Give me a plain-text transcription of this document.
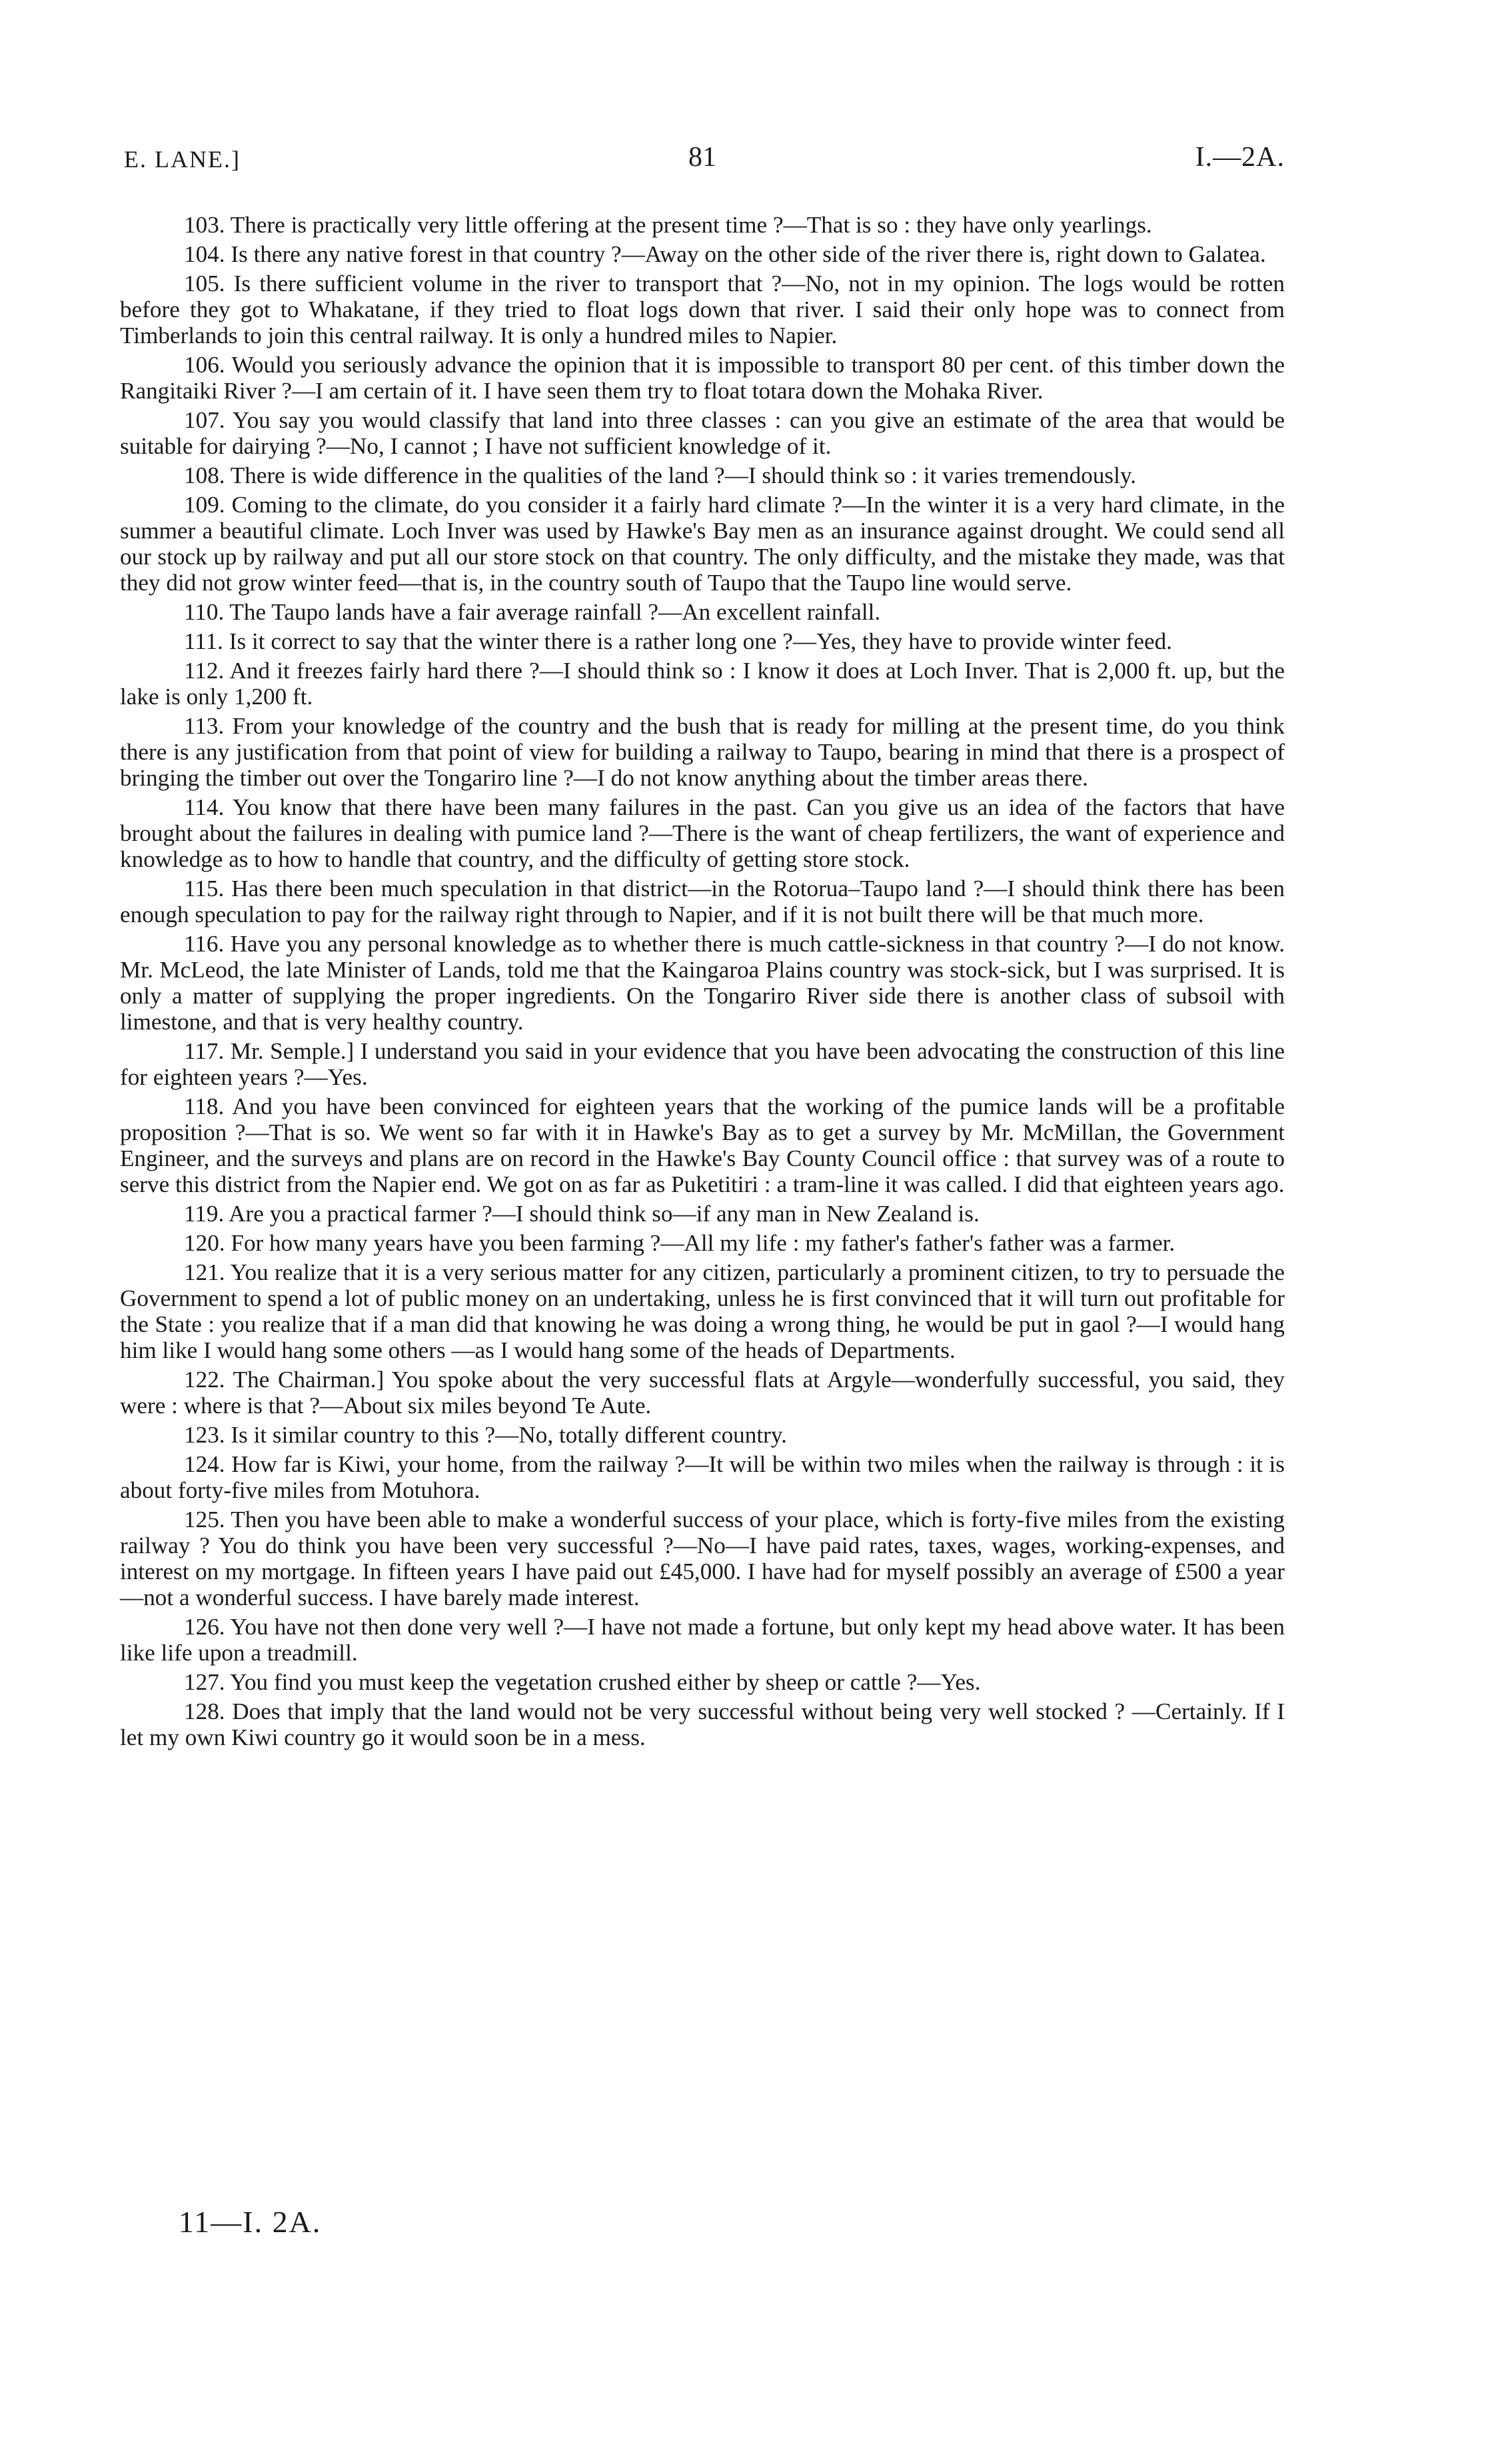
E. LANE.]	81	I.—2A.

103. There is practically very little offering at the present time ?—That is so : they have only yearlings.

104. Is there any native forest in that country ?—Away on the other side of the river there is, right down to Galatea.

105. Is there sufficient volume in the river to transport that ?—No, not in my opinion. The logs would be rotten before they got to Whakatane, if they tried to float logs down that river. I said their only hope was to connect from Timberlands to join this central railway. It is only a hundred miles to Napier.

106. Would you seriously advance the opinion that it is impossible to transport 80 per cent. of this timber down the Rangitaiki River ?—I am certain of it. I have seen them try to float totara down the Mohaka River.

107. You say you would classify that land into three classes : can you give an estimate of the area that would be suitable for dairying ?—No, I cannot ; I have not sufficient knowledge of it.

108. There is wide difference in the qualities of the land ?—I should think so : it varies tremendously.

109. Coming to the climate, do you consider it a fairly hard climate ?—In the winter it is a very hard climate, in the summer a beautiful climate. Loch Inver was used by Hawke's Bay men as an insurance against drought. We could send all our stock up by railway and put all our store stock on that country. The only difficulty, and the mistake they made, was that they did not grow winter feed—that is, in the country south of Taupo that the Taupo line would serve.

110. The Taupo lands have a fair average rainfall ?—An excellent rainfall.

111. Is it correct to say that the winter there is a rather long one ?—Yes, they have to provide winter feed.

112. And it freezes fairly hard there ?—I should think so : I know it does at Loch Inver. That is 2,000 ft. up, but the lake is only 1,200 ft.

113. From your knowledge of the country and the bush that is ready for milling at the present time, do you think there is any justification from that point of view for building a railway to Taupo, bearing in mind that there is a prospect of bringing the timber out over the Tongariro line ?—I do not know anything about the timber areas there.

114. You know that there have been many failures in the past. Can you give us an idea of the factors that have brought about the failures in dealing with pumice land ?—There is the want of cheap fertilizers, the want of experience and knowledge as to how to handle that country, and the difficulty of getting store stock.

115. Has there been much speculation in that district—in the Rotorua–Taupo land ?—I should think there has been enough speculation to pay for the railway right through to Napier, and if it is not built there will be that much more.

116. Have you any personal knowledge as to whether there is much cattle-sickness in that country ?—I do not know. Mr. McLeod, the late Minister of Lands, told me that the Kaingaroa Plains country was stock-sick, but I was surprised. It is only a matter of supplying the proper ingredients. On the Tongariro River side there is another class of subsoil with limestone, and that is very healthy country.

117. Mr. Semple.] I understand you said in your evidence that you have been advocating the construction of this line for eighteen years ?—Yes.

118. And you have been convinced for eighteen years that the working of the pumice lands will be a profitable proposition ?—That is so. We went so far with it in Hawke's Bay as to get a survey by Mr. McMillan, the Government Engineer, and the surveys and plans are on record in the Hawke's Bay County Council office : that survey was of a route to serve this district from the Napier end. We got on as far as Puketitiri : a tram-line it was called. I did that eighteen years ago.

119. Are you a practical farmer ?—I should think so—if any man in New Zealand is.

120. For how many years have you been farming ?—All my life : my father's father's father was a farmer.

121. You realize that it is a very serious matter for any citizen, particularly a prominent citizen, to try to persuade the Government to spend a lot of public money on an undertaking, unless he is first convinced that it will turn out profitable for the State : you realize that if a man did that knowing he was doing a wrong thing, he would be put in gaol ?—I would hang him like I would hang some others —as I would hang some of the heads of Departments.

122. The Chairman.] You spoke about the very successful flats at Argyle—wonderfully successful, you said, they were : where is that ?—About six miles beyond Te Aute.

123. Is it similar country to this ?—No, totally different country.

124. How far is Kiwi, your home, from the railway ?—It will be within two miles when the railway is through : it is about forty-five miles from Motuhora.

125. Then you have been able to make a wonderful success of your place, which is forty-five miles from the existing railway ? You do think you have been very successful ?—No—I have paid rates, taxes, wages, working-expenses, and interest on my mortgage. In fifteen years I have paid out £45,000. I have had for myself possibly an average of £500 a year—not a wonderful success. I have barely made interest.

126. You have not then done very well ?—I have not made a fortune, but only kept my head above water. It has been like life upon a treadmill.

127. You find you must keep the vegetation crushed either by sheep or cattle ?—Yes.

128. Does that imply that the land would not be very successful without being very well stocked ? —Certainly. If I let my own Kiwi country go it would soon be in a mess.

11—I. 2A.
